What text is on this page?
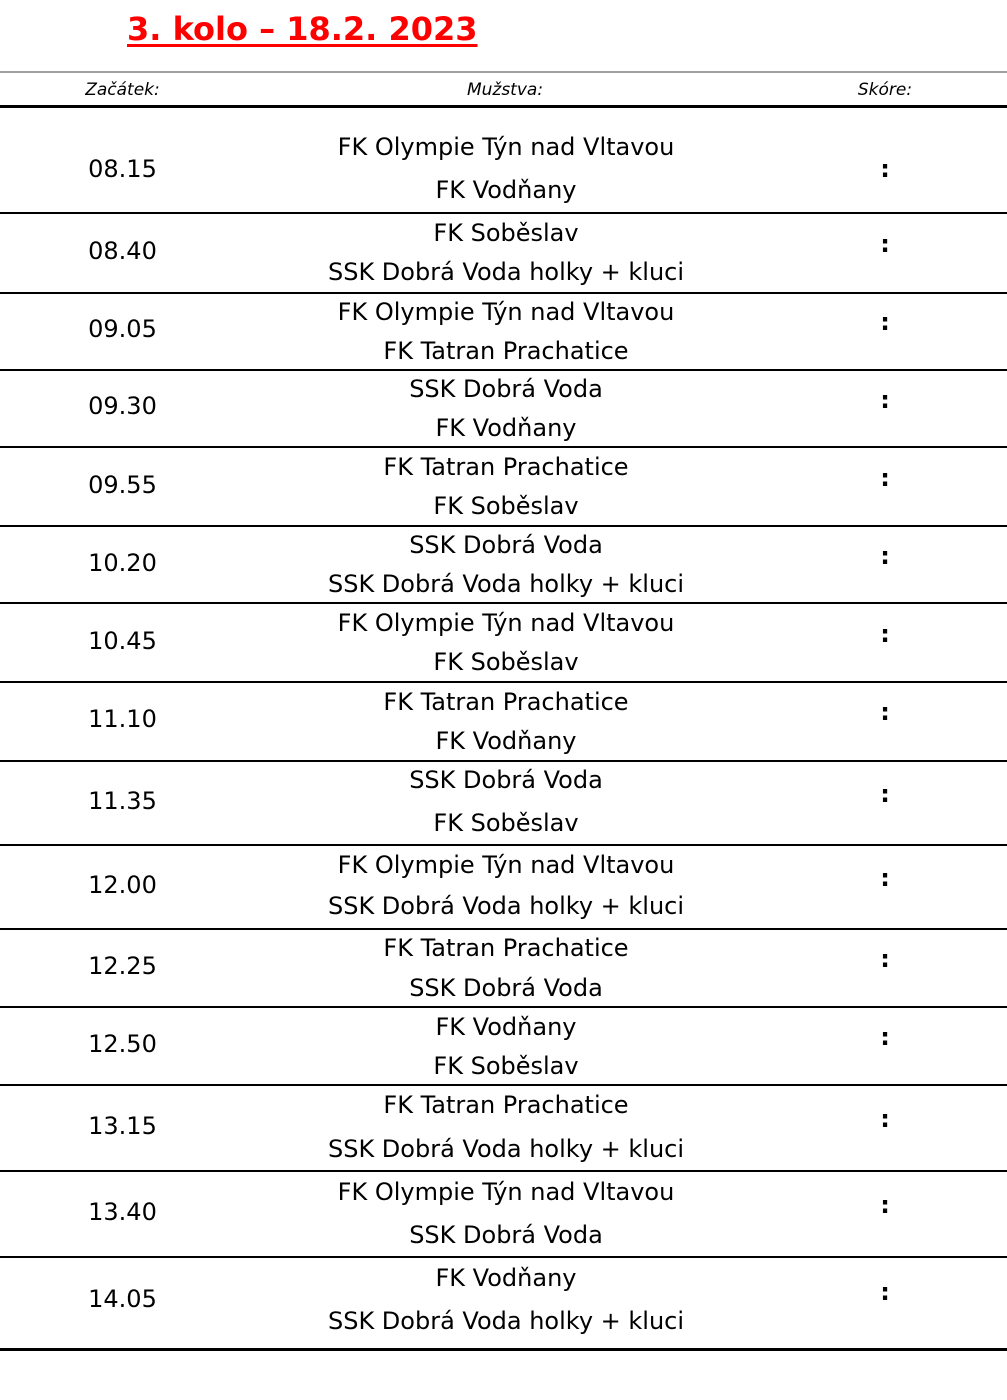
3. kolo – 18.2. 2023
Začátek:	Mužstva:	Skóre:
08.15
FK Olympie Týn nad Vltavou
FK Vodňany
:
08.40
FK Soběslav
SSK Dobrá Voda holky + kluci
:
09.05
FK Olympie Týn nad Vltavou
FK Tatran Prachatice
:
09.30
SSK Dobrá Voda
FK Vodňany
:
09.55
FK Tatran Prachatice
FK Soběslav
:
10.20
SSK Dobrá Voda
SSK Dobrá Voda holky + kluci
:
10.45
FK Olympie Týn nad Vltavou
FK Soběslav
:
11.10
FK Tatran Prachatice
FK Vodňany
:
11.35
SSK Dobrá Voda
FK Soběslav
:
12.00
FK Olympie Týn nad Vltavou
SSK Dobrá Voda holky + kluci
:
12.25
FK Tatran Prachatice
SSK Dobrá Voda
:
12.50
FK Vodňany
FK Soběslav
:
13.15
FK Tatran Prachatice
SSK Dobrá Voda holky + kluci
:
13.40
FK Olympie Týn nad Vltavou
SSK Dobrá Voda
:
14.05
FK Vodňany
SSK Dobrá Voda holky + kluci
:
